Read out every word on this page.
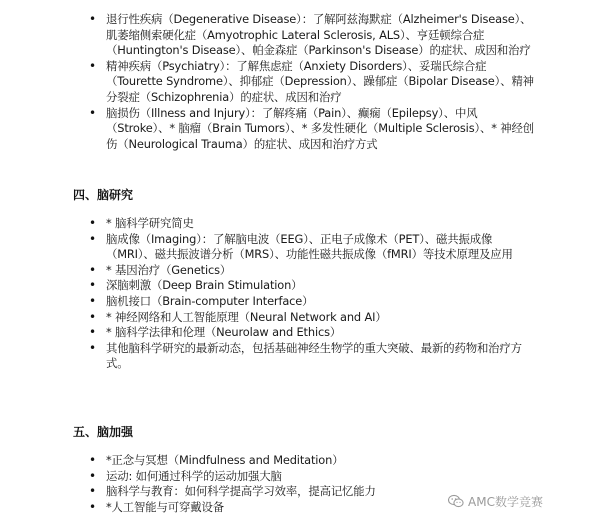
• 退行性疾病（Degenerative Disease）：了解阿兹海默症（Alzheimer's Disease）、肌萎缩侧索硬化症（Amyotrophic Lateral Sclerosis, ALS）、亨廷顿综合症（Huntington's Disease）、帕金森症（Parkinson's Disease）的症状、成因和治疗
• 精神疾病（Psychiatry）：了解焦虑症（Anxiety Disorders）、妥瑞氏综合症（Tourette Syndrome）、抑郁症（Depression）、躁郁症（Bipolar Disease）、精神分裂症（Schizophrenia）的症状、成因和治疗
• 脑损伤（Illness and Injury）：了解疼痛（Pain）、癫痫（Epilepsy）、中风（Stroke）、* 脑瘤（Brain Tumors）、* 多发性硬化（Multiple Sclerosis）、* 神经创伤（Neurological Trauma）的症状、成因和治疗方式
四、脑研究
• * 脑科学研究简史
• 脑成像（Imaging）：了解脑电波（EEG）、正电子成像术（PET）、磁共振成像（MRI）、磁共振波谱分析（MRS）、功能性磁共振成像（fMRI）等技术原理及应用
• * 基因治疗（Genetics）
• 深脑刺激（Deep Brain Stimulation）
• 脑机接口（Brain-computer Interface）
• * 神经网络和人工智能原理（Neural Network and AI）
• * 脑科学法律和伦理（Neurolaw and Ethics）
• 其他脑科学研究的最新动态，包括基础神经生物学的重大突破、最新的药物和治疗方式。
五、脑加强
• *正念与冥想（Mindfulness and Meditation）
• 运动: 如何通过科学的运动加强大脑
• 脑科学与教育：如何科学提高学习效率，提高记忆能力
• *人工智能与可穿戴设备	AMC数学竞赛
